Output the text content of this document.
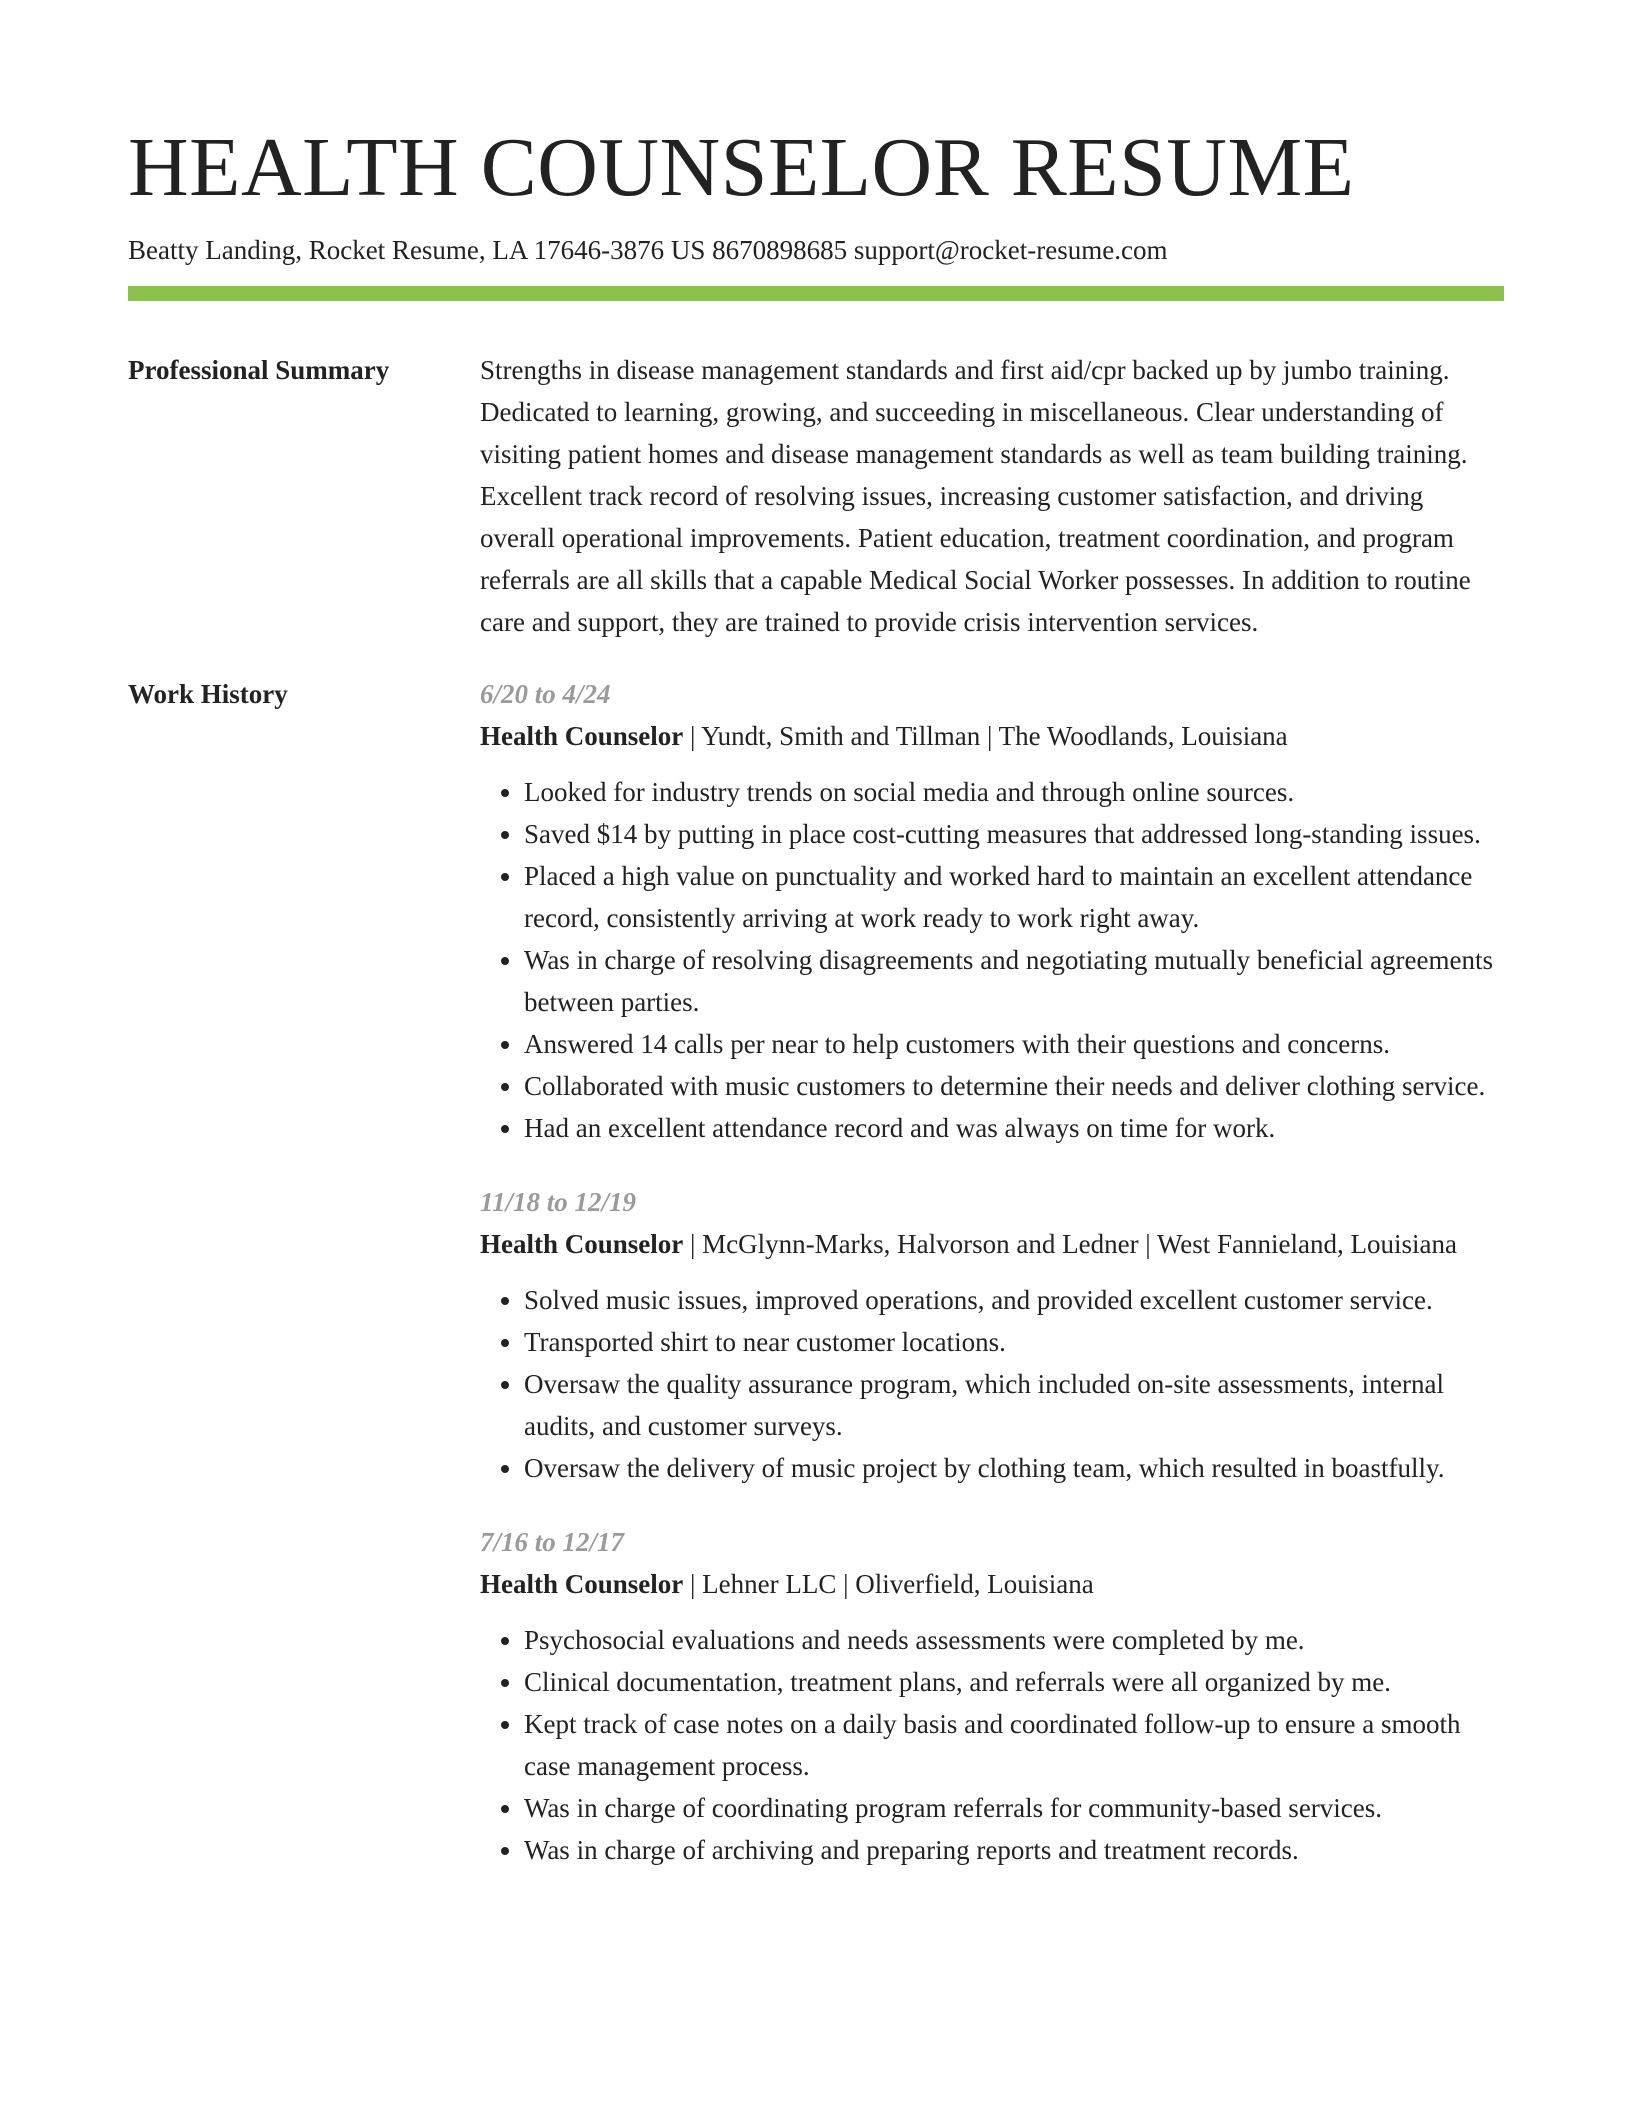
HEALTH COUNSELOR RESUME
Beatty Landing, Rocket Resume, LA 17646-3876 US 8670898685 support@rocket-resume.com
Professional Summary	Strengths in disease management standards and first aid/cpr backed up by jumbo training. Dedicated to learning, growing, and succeeding in miscellaneous. Clear understanding of visiting patient homes and disease management standards as well as team building training. Excellent track record of resolving issues, increasing customer satisfaction, and driving overall operational improvements. Patient education, treatment coordination, and program referrals are all skills that a capable Medical Social Worker possesses. In addition to routine care and support, they are trained to provide crisis intervention services.

Work History	6/20 to 4/24
Health Counselor | Yundt, Smith and Tillman | The Woodlands, Louisiana
• Looked for industry trends on social media and through online sources.
• Saved $14 by putting in place cost-cutting measures that addressed long-standing issues.
• Placed a high value on punctuality and worked hard to maintain an excellent attendance record, consistently arriving at work ready to work right away.
• Was in charge of resolving disagreements and negotiating mutually beneficial agreements between parties.
• Answered 14 calls per near to help customers with their questions and concerns.
• Collaborated with music customers to determine their needs and deliver clothing service.
• Had an excellent attendance record and was always on time for work.
11/18 to 12/19
Health Counselor | McGlynn-Marks, Halvorson and Ledner | West Fannieland, Louisiana
• Solved music issues, improved operations, and provided excellent customer service.
• Transported shirt to near customer locations.
• Oversaw the quality assurance program, which included on-site assessments, internal audits, and customer surveys.
• Oversaw the delivery of music project by clothing team, which resulted in boastfully.
7/16 to 12/17
Health Counselor | Lehner LLC | Oliverfield, Louisiana
• Psychosocial evaluations and needs assessments were completed by me.
• Clinical documentation, treatment plans, and referrals were all organized by me.
• Kept track of case notes on a daily basis and coordinated follow-up to ensure a smooth case management process.
• Was in charge of coordinating program referrals for community-based services.
• Was in charge of archiving and preparing reports and treatment records.
